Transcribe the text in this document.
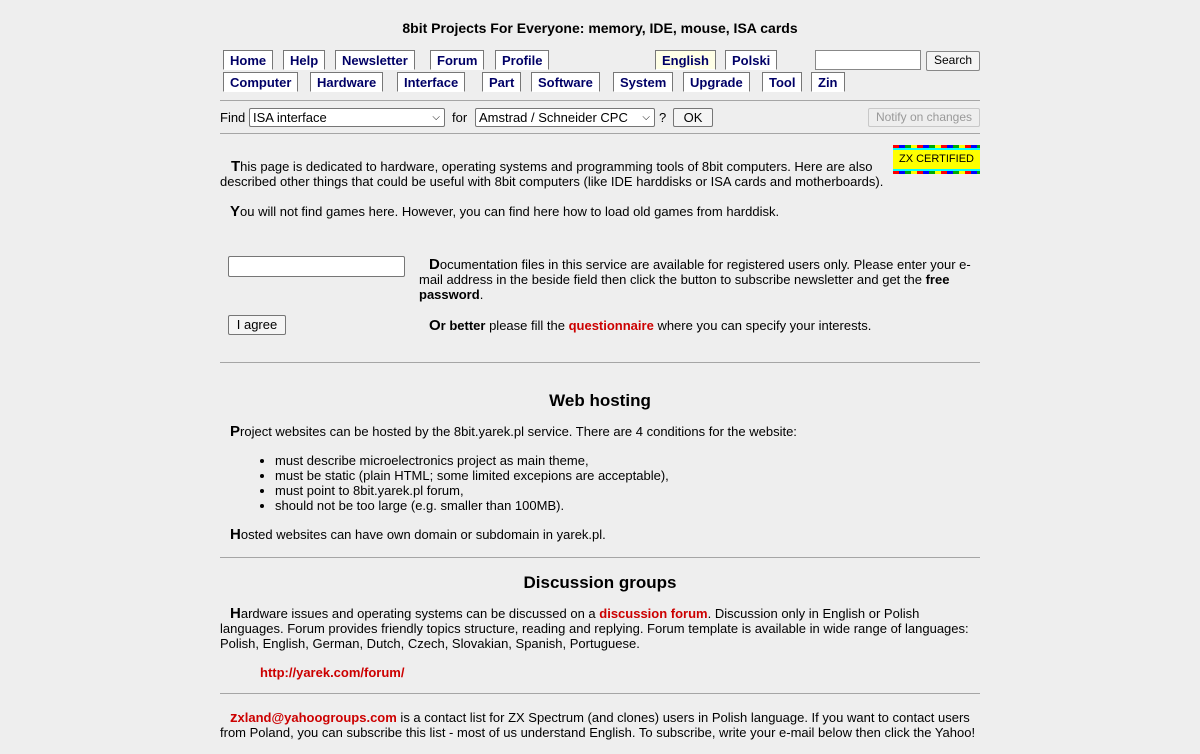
8bit Projects For Everyone: memory, IDE, mouse, ISA cards
Home	Help	Newsletter	Forum	Profile	English	Polski	Search
Computer	Hardware	Interface	Part	Software	System	Upgrade	Tool	Zin
Find ISA interface	⌵ for Amstrad / Schneider CPC ⌵ ?	OK	Notify on changes
ZX CERTIFIED
This page is dedicated to hardware, operating systems and programming tools of 8bit computers. Here are also described other things that could be useful with 8bit computers (like IDE harddisks or ISA cards and motherboards).
You will not find games here. However, you can find here how to load old games from harddisk.
I agree
Documentation files in this service are available for registered users only. Please enter your e-mail address in the beside field then click the button to subscribe newsletter and get the free password.
Or better please fill the questionnaire where you can specify your interests.
Web hosting
Project websites can be hosted by the 8bit.yarek.pl service. There are 4 conditions for the website:
• must describe microelectronics project as main theme,
• must be static (plain HTML; some limited excepions are acceptable),
• must point to 8bit.yarek.pl forum,
• should not be too large (e.g. smaller than 100MB).
Hosted websites can have own domain or subdomain in yarek.pl.
Discussion groups
Hardware issues and operating systems can be discussed on a discussion forum. Discussion only in English or Polish languages. Forum provides friendly topics structure, reading and replying. Forum template is available in wide range of languages: Polish, English, German, Dutch, Czech, Slovakian, Spanish, Portuguese.
http://yarek.com/forum/
zxland@yahoogroups.com is a contact list for ZX Spectrum (and clones) users in Polish language. If you want to contact users from Poland, you can subscribe this list - most of us understand English. To subscribe, write your e-mail below then click the Yahoo!
